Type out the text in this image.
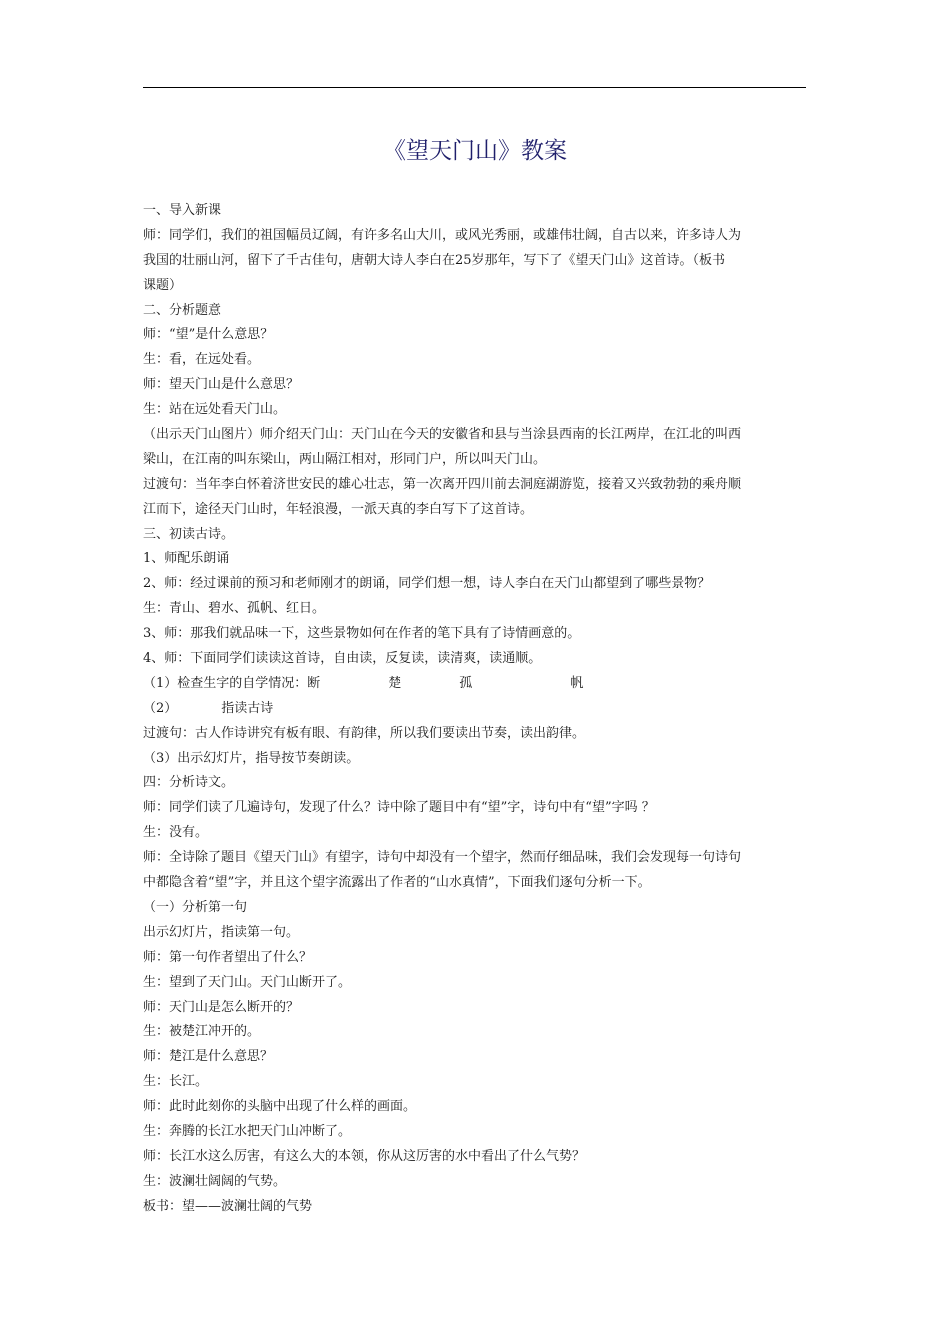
《望天门山》教案

一、导入新课

师：同学们，我们的祖国幅员辽阔，有许多名山大川，或风光秀丽，或雄伟壮阔，自古以来，许多诗人为

我国的壮丽山河，留下了千古佳句，唐朝大诗人李白在25岁那年，写下了《望天门山》这首诗。（板书

课题）

二、分析题意

师：“望”是什么意思？

生：看，在远处看。

师：望天门山是什么意思？

生：站在远处看天门山。

（出示天门山图片）师介绍天门山：天门山在今天的安徽省和县与当涂县西南的长江两岸，在江北的叫西

梁山，在江南的叫东梁山，两山隔江相对，形同门户，所以叫天门山。

过渡句：当年李白怀着济世安民的雄心壮志，第一次离开四川前去洞庭湖游览，接着又兴致勃勃的乘舟顺

江而下，途径天门山时，年轻浪漫，一派天真的李白写下了这首诗。

三、初读古诗。

1、师配乐朗诵

2、师：经过课前的预习和老师刚才的朗诵，同学们想一想，诗人李白在天门山都望到了哪些景物？

生：青山、碧水、孤帆、红日。

3、师：那我们就品味一下，这些景物如何在作者的笔下具有了诗情画意的。

4、师：下面同学们读读这首诗，自由读，反复读，读清爽，读通顺。

（1）检查生字的自学情况：断	楚	孤	帆

（2）	指读古诗

过渡句：古人作诗讲究有板有眼、有韵律，所以我们要读出节奏，读出韵律。

（3）出示幻灯片，指导按节奏朗读。

四：分析诗文。

师：同学们读了几遍诗句，发现了什么？诗中除了题目中有“望”字，诗句中有“望”字吗 ？

生：没有。

师：全诗除了题目《望天门山》有望字，诗句中却没有一个望字，然而仔细品味，我们会发现每一句诗句

中都隐含着“望”字，并且这个望字流露出了作者的“山水真情”，下面我们逐句分析一下。

（一）分析第一句

出示幻灯片，指读第一句。

师：第一句作者望出了什么？

生：望到了天门山。天门山断开了。

师：天门山是怎么断开的？

生：被楚江冲开的。

师：楚江是什么意思？

生：长江。

师：此时此刻你的头脑中出现了什么样的画面。

生：奔腾的长江水把天门山冲断了。

师：长江水这么厉害，有这么大的本领，你从这厉害的水中看出了什么气势？

生：波澜壮阔阔的气势。

板书：望——波澜壮阔的气势
